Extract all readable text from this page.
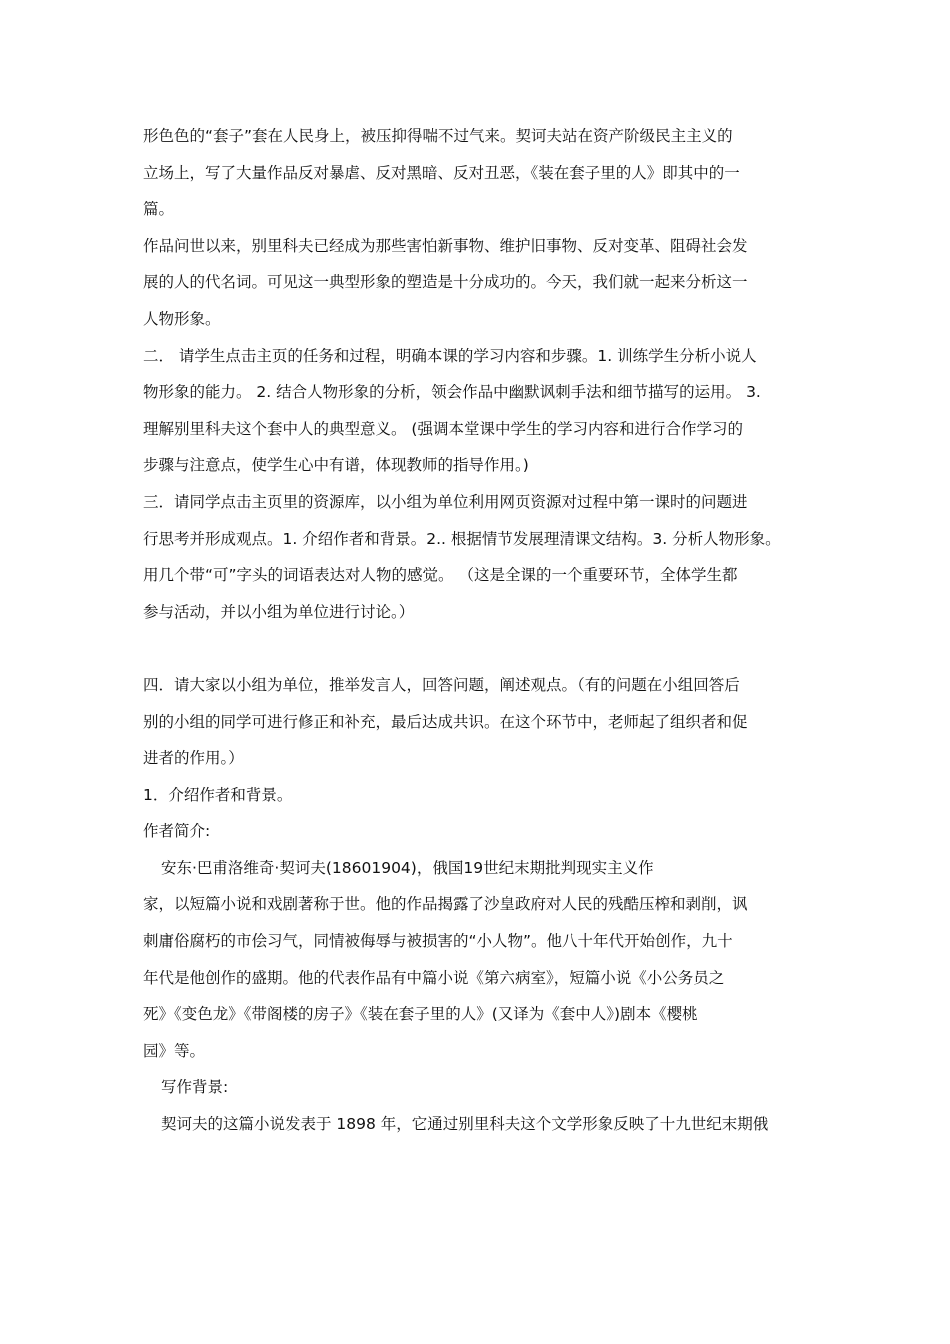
形色色的“套子”套在人民身上，被压抑得喘不过气来。契诃夫站在资产阶级民主主义的
立场上，写了大量作品反对暴虐、反对黑暗、反对丑恶，《装在套子里的人》即其中的一
篇。
作品问世以来，别里科夫已经成为那些害怕新事物、维护旧事物、反对变革、阻碍社会发
展的人的代名词。可见这一典型形象的塑造是十分成功的。今天，我们就一起来分析这一
人物形象。
二． 请学生点击主页的任务和过程，明确本课的学习内容和步骤。1. 训练学生分析小说人
物形象的能力。 2. 结合人物形象的分析，领会作品中幽默讽刺手法和细节描写的运用。 3.
理解别里科夫这个套中人的典型意义。 (强调本堂课中学生的学习内容和进行合作学习的
步骤与注意点，使学生心中有谱，体现教师的指导作用。)
三．请同学点击主页里的资源库，以小组为单位利用网页资源对过程中第一课时的问题进
行思考并形成观点。1. 介绍作者和背景。2.. 根据情节发展理清课文结构。3. 分析人物形象。
用几个带“可”字头的词语表达对人物的感觉。 （这是全课的一个重要环节，全体学生都
参与活动，并以小组为单位进行讨论。）
四．请大家以小组为单位，推举发言人，回答问题，阐述观点。（有的问题在小组回答后
别的小组的同学可进行修正和补充，最后达成共识。在这个环节中，老师起了组织者和促
进者的作用。）
1．介绍作者和背景。
作者简介:
安东·巴甫洛维奇·契诃夫(18601904)，俄国19世纪末期批判现实主义作
家，以短篇小说和戏剧著称于世。他的作品揭露了沙皇政府对人民的残酷压榨和剥削，讽
刺庸俗腐朽的市侩习气，同情被侮辱与被损害的“小人物”。他八十年代开始创作，九十
年代是他创作的盛期。他的代表作品有中篇小说《第六病室》，短篇小说《小公务员之
死》《变色龙》《带阁楼的房子》《装在套子里的人》(又译为《套中人》)剧本《樱桃
园》等。
写作背景:
契诃夫的这篇小说发表于 1898 年，它通过别里科夫这个文学形象反映了十九世纪末期俄
